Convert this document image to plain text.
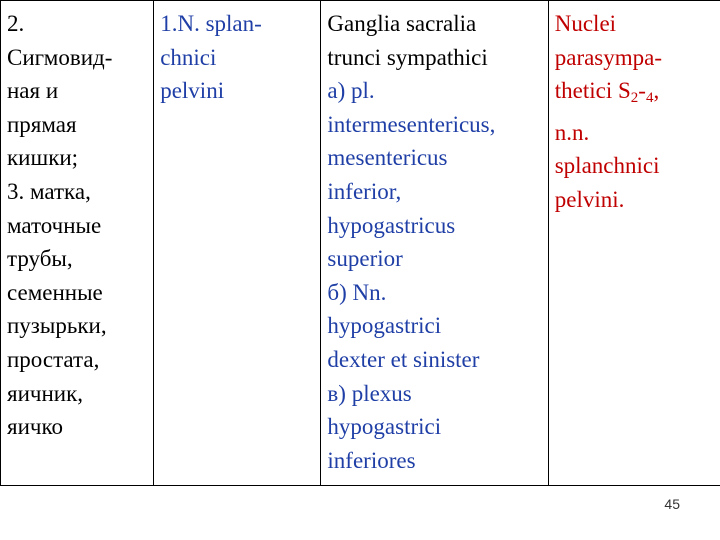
2.
Сигмовид-
ная и
прямая
кишки;
3. матка,
маточные
трубы,
семенные
пузырьки,
простата,
яичник,
яичко

1.N. splan-
chnici
pelvini

Ganglia sacralia
trunci sympathici
а) pl.
intermesentericus,
mesentericus
inferior,
hypogastricus
superior
б) Nn.
hypogastrici
dexter et sinister
в) plexus
hypogastrici
inferiores

Nuclei
parasympa-
thetici S2-4,
n.n.
splanchnici
pelvini.
45
